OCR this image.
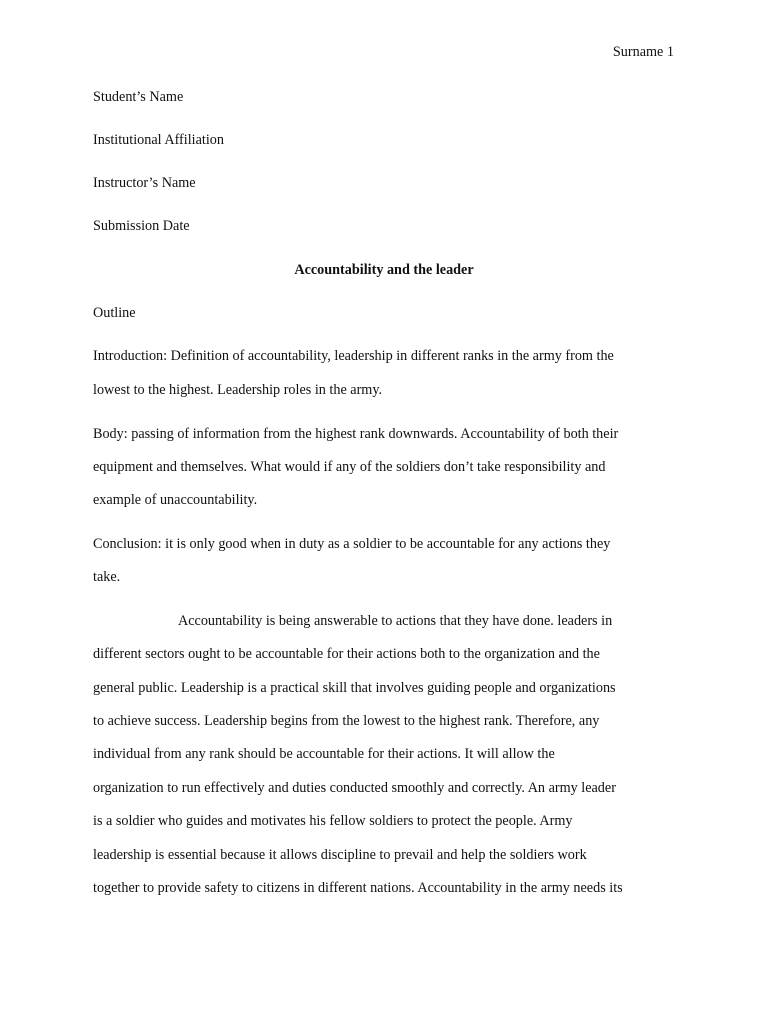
Surname 1
Student’s Name
Institutional Affiliation
Instructor’s Name
Submission Date
Accountability and the leader
Outline
Introduction: Definition of accountability, leadership in different ranks in the army from the
lowest to the highest. Leadership roles in the army.
Body: passing of information from the highest rank downwards. Accountability of both their
equipment and themselves. What would if any of the soldiers don’t take responsibility and
example of unaccountability.
Conclusion: it is only good when in duty as a soldier to be accountable for any actions they
take.
Accountability is being answerable to actions that they have done. leaders in
different sectors ought to be accountable for their actions both to the organization and the
general public. Leadership is a practical skill that involves guiding people and organizations
to achieve success. Leadership begins from the lowest to the highest rank. Therefore, any
individual from any rank should be accountable for their actions. It will allow the
organization to run effectively and duties conducted smoothly and correctly. An army leader
is a soldier who guides and motivates his fellow soldiers to protect the people. Army
leadership is essential because it allows discipline to prevail and help the soldiers work
together to provide safety to citizens in different nations. Accountability in the army needs its
